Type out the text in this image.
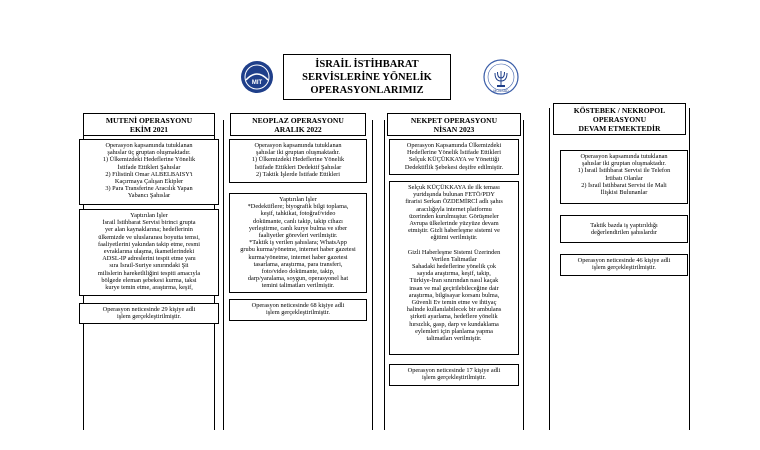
İSRAİL İSTİHBARAT
SERVİSLERİNE YÖNELİK
OPERASYONLARIMIZ
MIT
MOSSAD
MUTENİ OPERASYONU
EKİM 2021
Operasyon kapsamında tutuklanan
şahıslar üç gruptan oluşmaktadır.
1) Ülkemizdeki Hedeflerine Yönelik
İstifade Ettikleri Şahıslar
2) Filistinli Omar ALBELBAISY'i
Kaçırmaya Çalışan Ekipler
3) Para Transferine Aracılık Yapan
Yabancı Şahıslar
Yaptırılan İşler
İsrail İstihbarat Servisi birinci grupta
yer alan kaynaklarına; hedeflerinin
ülkemizde ve uluslararası boyutta temsi,
faaliyetlerini yakından takip etme, resmi
evraklarına ulaşma, ikametlerindeki
ADSL-IP adreslerini tespit etme yanı
sıra İsrail-Suriye sınırındaki Şii
milislerin hareketliliğini tespiti amacıyla
bölgede eleman şebekesi kurma, taksi
kurye temin etme, araştırma, keşif,
Operasyon neticesinde 29 kişiye adli
işlem gerçekleştirilmiştir.
NEOPLAZ OPERASYONU
ARALIK 2022
Operasyon kapsamında tutuklanan
şahıslar iki gruptan oluşmaktadır.
1) Ülkemizdeki Hedeflerine Yönelik
İstifade Ettikleri Dedektif Şahıslar
2) Taktik İşlerde İstifade Ettikleri
Yaptırılan İşler
*Dedektiflere; biyografik bilgi toplama,
keşif, tahkikat, fotoğraf/video
dokümante, canlı takip, takip cihazı
yerleştirme, canlı kurye bulma ve siber
faaliyetler görevleri verilmiştir.
*Taktik iş verilen şahıslara; WhatsApp
grubu kurma/yönetme, internet haber gazetesi
kurma/yönetme, internet haber gazetesi
tasarlama, araştırma, para transferi,
foto/video dokümante, takip,
darp/yaralama, soygun, operasyonel hat
temini talimatları verilmiştir.
Operasyon neticesinde 68 kişiye adli
işlem gerçekleştirilmiştir.
NEKPET OPERASYONU
NİSAN 2023
Operasyon Kapsamında Ülkemizdeki
Hedeflerine Yönelik İstifade Ettikleri
Selçuk KÜÇÜKKAYA ve Yönettiği
Dedektiflik Şebekesi deşifre edilmiştir.
Selçuk KÜÇÜKKAYA ile ilk teması
yurtdışında bulunan FETÖ/PDY
firarisi Serkan ÖZDEMİRCİ adlı şahıs
aracılığıyla internet platformu
üzerinden kurulmuştur. Görüşmeler
Avrupa ülkelerinde yüzyüze devam
etmiştir. Gizli haberleşme sistemi ve
eğitimi verilmiştir.
Gizli Haberleşme Sistemi Üzerinden
Verilen Talimatlar
Sahadaki hedeflerine yönelik çok
sayıda araştırma, keşif, takip,
Türkiye-İran sınırından nasıl kaçak
insan ve mal geçirilebileceğine dair
araştırma, bilgisayar korsanı bulma,
Güvenli Ev temin etme ve ihtiyaç
halinde kullanılabilecek bir ambulans
şirketi ayarlama, hedeflere yönelik
hırsızlık, gasp, darp ve kundaklama
eylemleri için planlama yapma
talimatları verilmiştir.
Operasyon neticesinde 17 kişiye adli
işlem gerçekleştirilmiştir.
KÖSTEBEK / NEKROPOL
OPERASYONU
DEVAM ETMEKTEDİR
Operasyon kapsamında tutuklanan
şahıslar iki gruptan oluşmaktadır.
1) İsrail İstihbarat Servisi ile Telefon
İrtibatı Olanlar
2) İsrail İstihbarat Servisi ile Mali
İlişkisi Bulunanlar
Taktik bazda iş yaptırıldığı
değerlendirilen şahıslardır
Operasyon neticesinde 46 kişiye adli
işlem gerçekleştirilmiştir.
